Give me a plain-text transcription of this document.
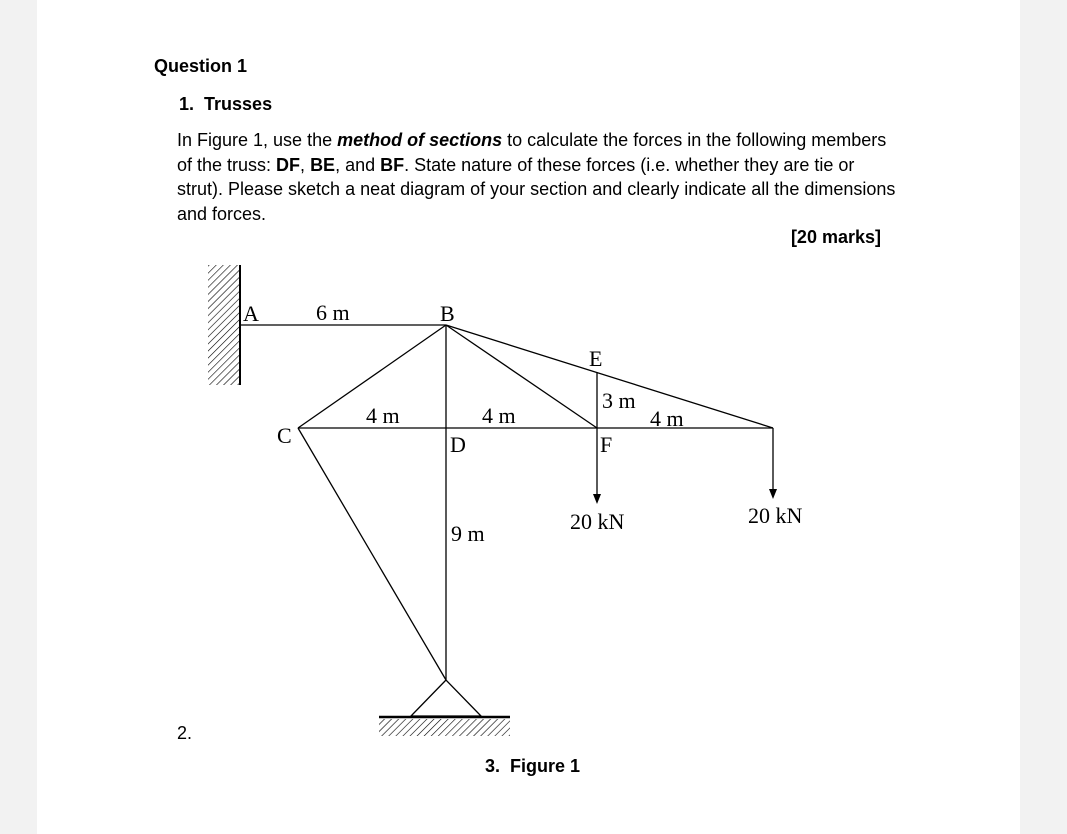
Question 1
1. Trusses
In Figure 1, use the method of sections to calculate the forces in the following members of the truss: DF, BE, and BF. State nature of these forces (i.e. whether they are tie or strut). Please sketch a neat diagram of your section and clearly indicate all the dimensions and forces.
[20 marks]
2.
3. Figure 1
A	B
C	D
E
F
6 m
4 m	4 m
3 m
4 m
9 m	20 kN	20 kN
